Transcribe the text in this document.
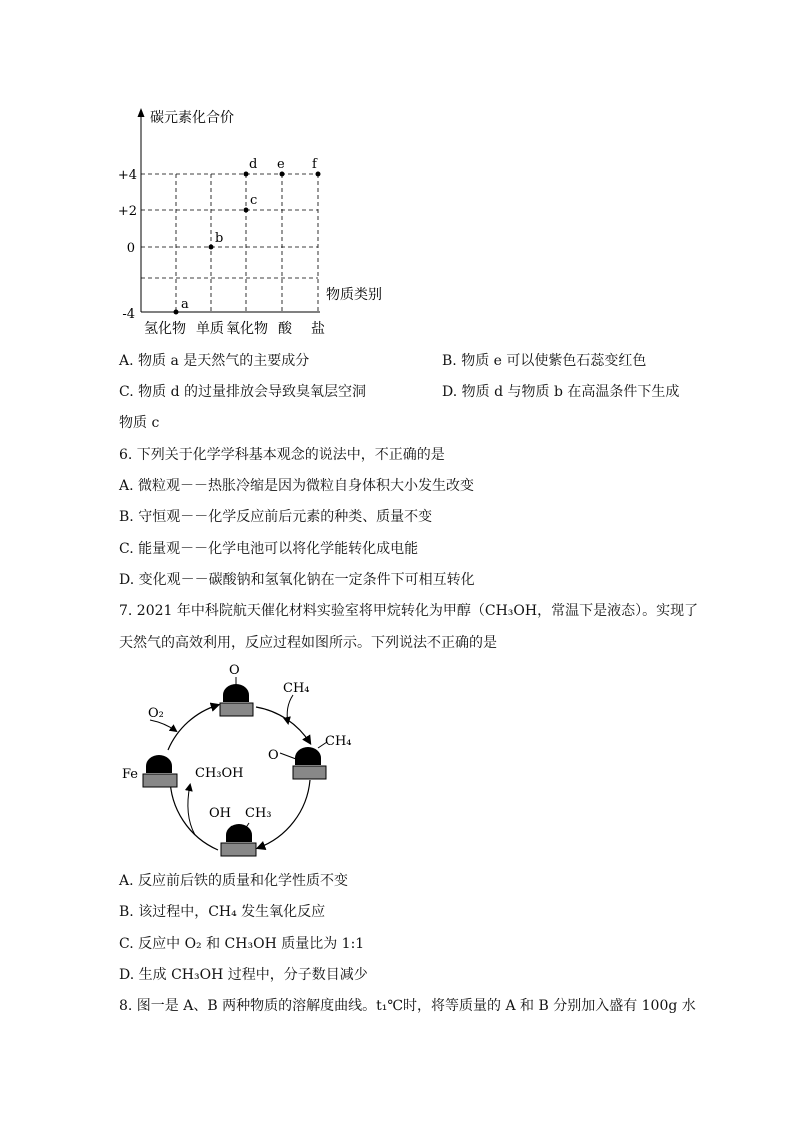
碳元素化合价
物质类别
+4
+2
0
-4
氢化物 单质 氧化物 酸 盐
a
b
c
d e f
A. 物质 a 是天然气的主要成分	B. 物质 e 可以使紫色石蕊变红色
C. 物质 d 的过量排放会导致臭氧层空洞	D. 物质 d 与物质 b 在高温条件下生成
物质 c
6. 下列关于化学学科基本观念的说法中，不正确的是
A. 微粒观－－热胀冷缩是因为微粒自身体积大小发生改变
B. 守恒观－－化学反应前后元素的种类、质量不变
C. 能量观－－化学电池可以将化学能转化成电能
D. 变化观－－碳酸钠和氢氧化钠在一定条件下可相互转化
7. 2021 年中科院航天催化材料实验室将甲烷转化为甲醇（CH₃OH，常温下是液态）。实现了
天然气的高效利用，反应过程如图所示。下列说法不正确的是
O
CH₄
O
CH₄
OH CH₃
CH₃OH
Fe
O₂
A. 反应前后铁的质量和化学性质不变
B. 该过程中，CH₄ 发生氧化反应
C. 反应中 O₂ 和 CH₃OH 质量比为 1:1
D. 生成 CH₃OH 过程中，分子数目减少
8. 图一是 A、B 两种物质的溶解度曲线。t₁℃时，将等质量的 A 和 B 分别加入盛有 100g 水
